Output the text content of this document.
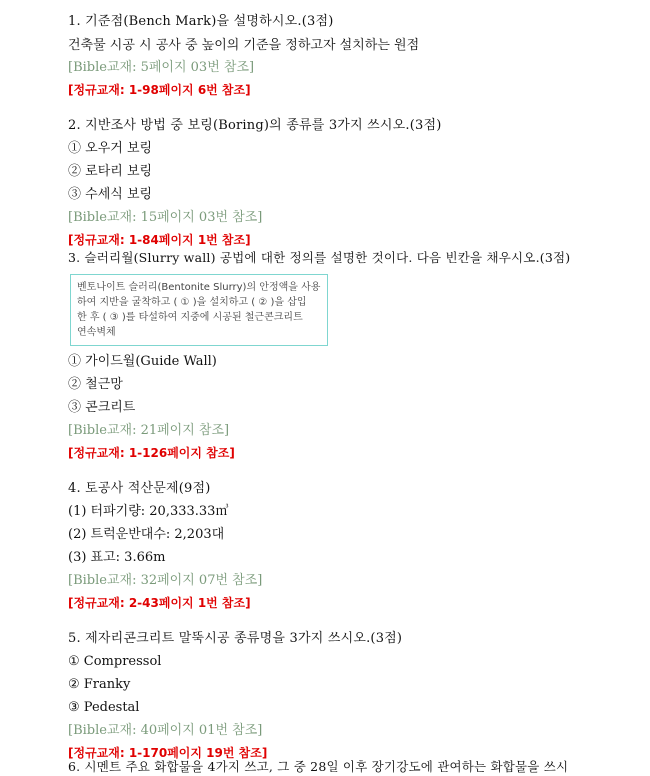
1. 기준점(Bench Mark)을 설명하시오.(3점)
건축물 시공 시 공사 중 높이의 기준을 정하고자 설치하는 원점
[Bible교재: 5페이지 03번 참조]
[정규교재: 1-98페이지 6번 참조]
2. 지반조사 방법 중 보링(Boring)의 종류를 3가지 쓰시오.(3점)
① 오우거 보링
② 로타리 보링
③ 수세식 보링
[Bible교재: 15페이지 03번 참조]
[정규교재: 1-84페이지 1번 참조]
3. 슬러리월(Slurry wall) 공법에 대한 정의를 설명한 것이다. 다음 빈칸을 채우시오.(3점)
벤토나이트 슬러리(Bentonite Slurry)의 안정액을 사용
하여 지반을 굴착하고 ( ① )을 설치하고 ( ② )을 삽입
한 후 ( ③ )를 타설하여 지중에 시공된 철근콘크리트
연속벽체
① 가이드월(Guide Wall)
② 철근망
③ 콘크리트
[Bible교재: 21페이지 참조]
[정규교재: 1-126페이지 참조]
4. 토공사 적산문제(9점)
(1) 터파기량: 20,333.33㎥
(2) 트럭운반대수: 2,203대
(3) 표고: 3.66m
[Bible교재: 32페이지 07번 참조]
[정규교재: 2-43페이지 1번 참조]
5. 제자리콘크리트 말뚝시공 종류명을 3가지 쓰시오.(3점)
① Compressol
② Franky
③ Pedestal
[Bible교재: 40페이지 01번 참조]
[정규교재: 1-170페이지 19번 참조]
6. 시멘트 주요 화합물을 4가지 쓰고, 그 중 28일 이후 장기강도에 관여하는 화합물을 쓰시
